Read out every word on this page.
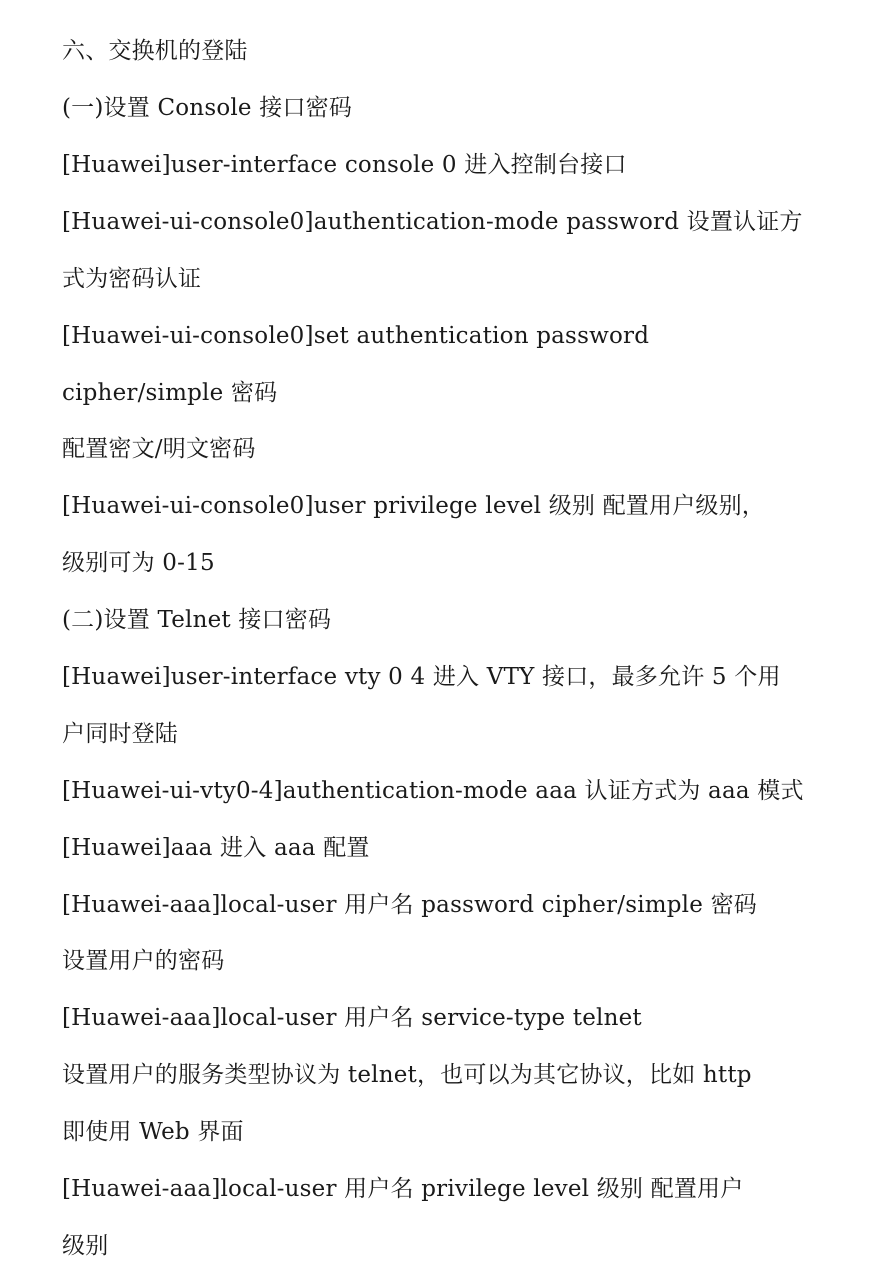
六、交换机的登陆
(一)设置 Console 接口密码
[Huawei]user-interface console 0 进入控制台接口
[Huawei-ui-console0]authentication-mode password 设置认证方
式为密码认证
[Huawei-ui-console0]set authentication password
cipher/simple 密码
配置密文/明文密码
[Huawei-ui-console0]user privilege level 级别 配置用户级别，
级别可为 0-15
(二)设置 Telnet 接口密码
[Huawei]user-interface vty 0 4 进入 VTY 接口，最多允许 5 个用
户同时登陆
[Huawei-ui-vty0-4]authentication-mode aaa 认证方式为 aaa 模式
[Huawei]aaa 进入 aaa 配置
[Huawei-aaa]local-user 用户名 password cipher/simple 密码
设置用户的密码
[Huawei-aaa]local-user 用户名 service-type telnet
设置用户的服务类型协议为 telnet，也可以为其它协议，比如 http
即使用 Web 界面
[Huawei-aaa]local-user 用户名 privilege level 级别 配置用户
级别
